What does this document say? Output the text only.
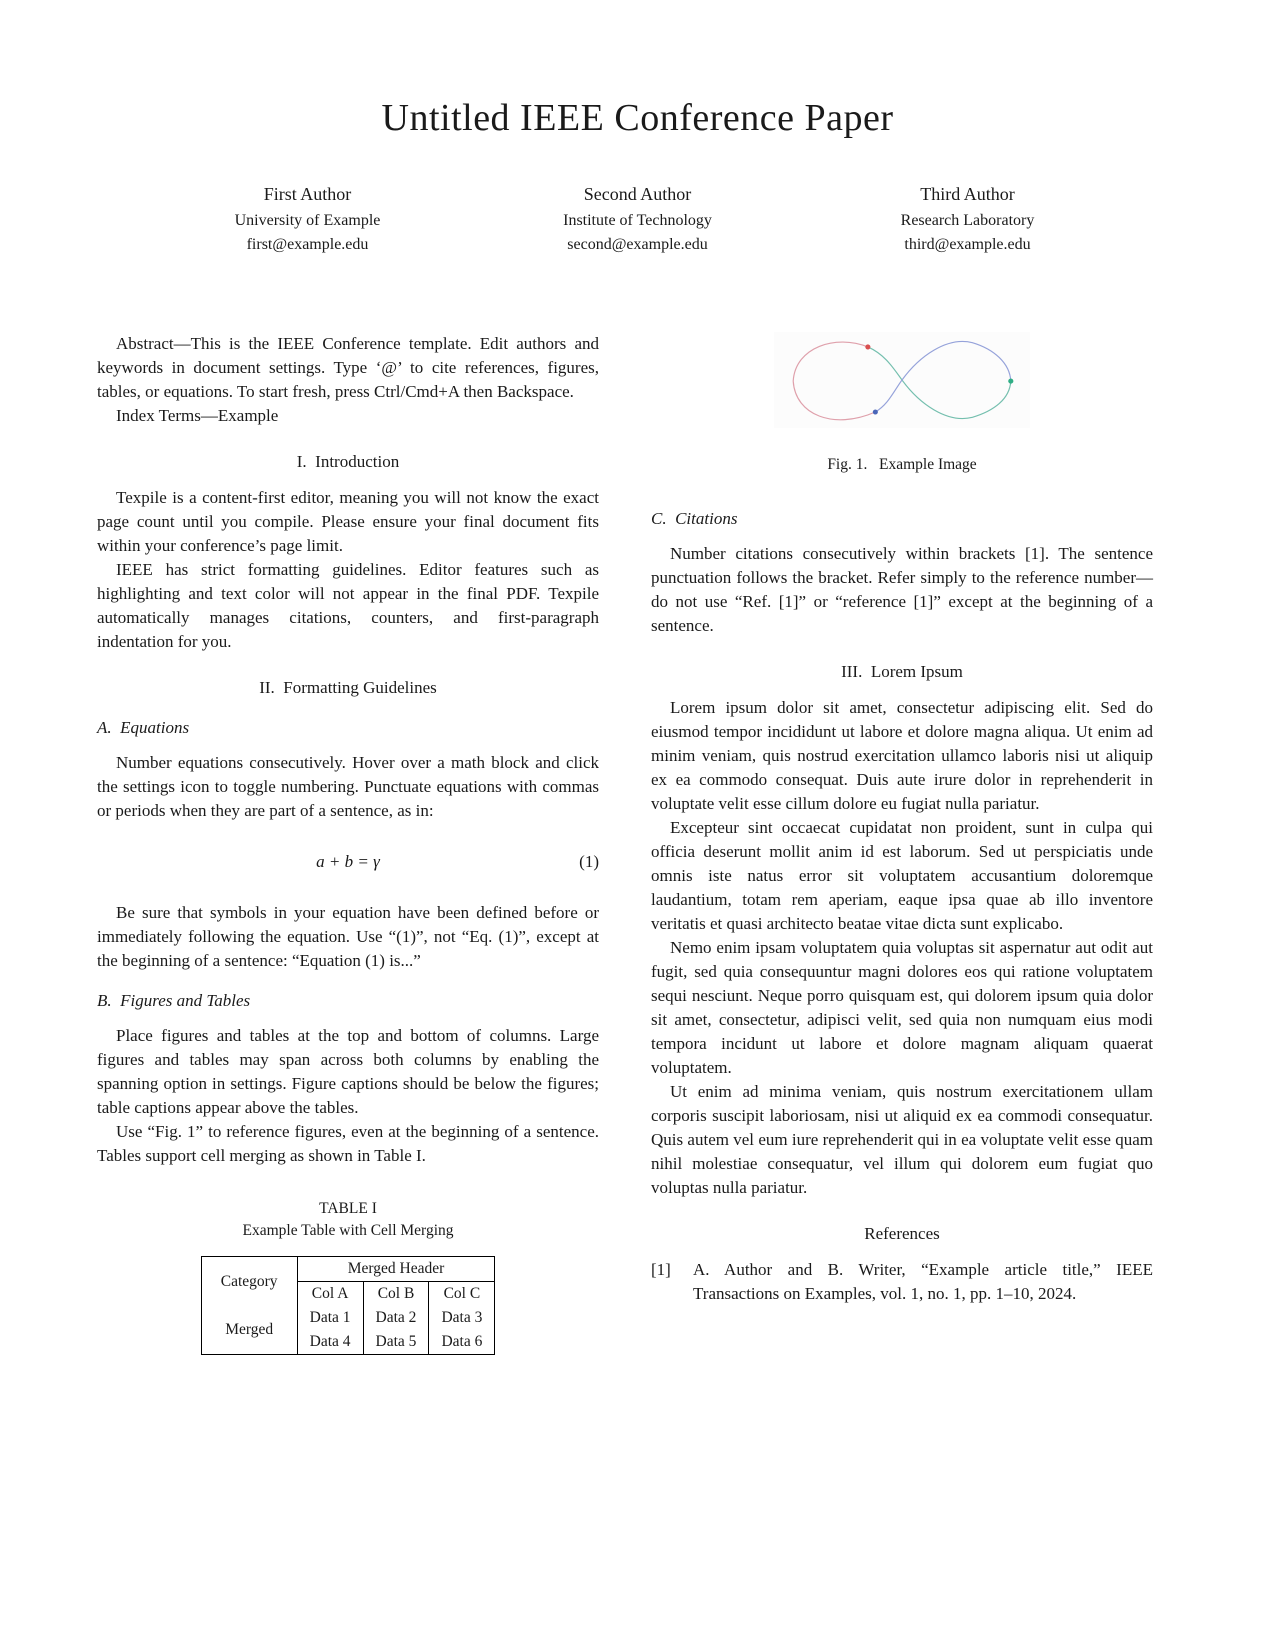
Untitled IEEE Conference Paper
First Author
University of Example
first@example.edu
Second Author
Institute of Technology
second@example.edu
Third Author
Research Laboratory
third@example.edu

Abstract—This is the IEEE Conference template. Edit authors and keywords in document settings. Type ‘@’ to cite references, figures, tables, or equations. To start fresh, press Ctrl/Cmd+A then Backspace.

Index Terms—Example

I.  Introduction

Texpile is a content-first editor, meaning you will not know the exact page count until you compile. Please ensure your final document fits within your conference’s page limit.

IEEE has strict formatting guidelines. Editor features such as highlighting and text color will not appear in the final PDF. Texpile automatically manages citations, counters, and first-paragraph indentation for you.

II.  Formatting Guidelines
A.  Equations

Number equations consecutively. Hover over a math block and click the settings icon to toggle numbering. Punctuate equations with commas or periods when they are part of a sentence, as in:

a + b = γ	(1)

Be sure that symbols in your equation have been defined before or immediately following the equation. Use “(1)”, not “Eq. (1)”, except at the beginning of a sentence: “Equation (1) is...”

B.  Figures and Tables

Place figures and tables at the top and bottom of columns. Large figures and tables may span across both columns by enabling the spanning option in settings. Figure captions should be below the figures; table captions appear above the tables.

Use “Fig. 1” to reference figures, even at the beginning of a sentence. Tables support cell merging as shown in Table I.

TABLE I
Example Table with Cell Merging
Category	Merged Header		
	Col A	Col B	Col C
Merged	Data 1	Data 2	Data 3
	Data 4	Data 5	Data 6
Fig. 1.   Example Image
C.  Citations

Number citations consecutively within brackets [1]. The sentence punctuation follows the bracket. Refer simply to the reference number—do not use “Ref. [1]” or “reference [1]” except at the beginning of a sentence.

III.  Lorem Ipsum

Lorem ipsum dolor sit amet, consectetur adipiscing elit. Sed do eiusmod tempor incididunt ut labore et dolore magna aliqua. Ut enim ad minim veniam, quis nostrud exercitation ullamco laboris nisi ut aliquip ex ea commodo consequat. Duis aute irure dolor in reprehenderit in voluptate velit esse cillum dolore eu fugiat nulla pariatur.

Excepteur sint occaecat cupidatat non proident, sunt in culpa qui officia deserunt mollit anim id est laborum. Sed ut perspiciatis unde omnis iste natus error sit voluptatem accusantium doloremque laudantium, totam rem aperiam, eaque ipsa quae ab illo inventore veritatis et quasi architecto beatae vitae dicta sunt explicabo.

Nemo enim ipsam voluptatem quia voluptas sit aspernatur aut odit aut fugit, sed quia consequuntur magni dolores eos qui ratione voluptatem sequi nesciunt. Neque porro quisquam est, qui dolorem ipsum quia dolor sit amet, consectetur, adipisci velit, sed quia non numquam eius modi tempora incidunt ut labore et dolore magnam aliquam quaerat voluptatem.

Ut enim ad minima veniam, quis nostrum exercitationem ullam corporis suscipit laboriosam, nisi ut aliquid ex ea commodi consequatur. Quis autem vel eum iure reprehenderit qui in ea voluptate velit esse quam nihil molestiae consequatur, vel illum qui dolorem eum fugiat quo voluptas nulla pariatur.

References
[1]	A. Author and B. Writer, “Example article title,” IEEE Transactions on Examples, vol. 1, no. 1, pp. 1–10, 2024.
